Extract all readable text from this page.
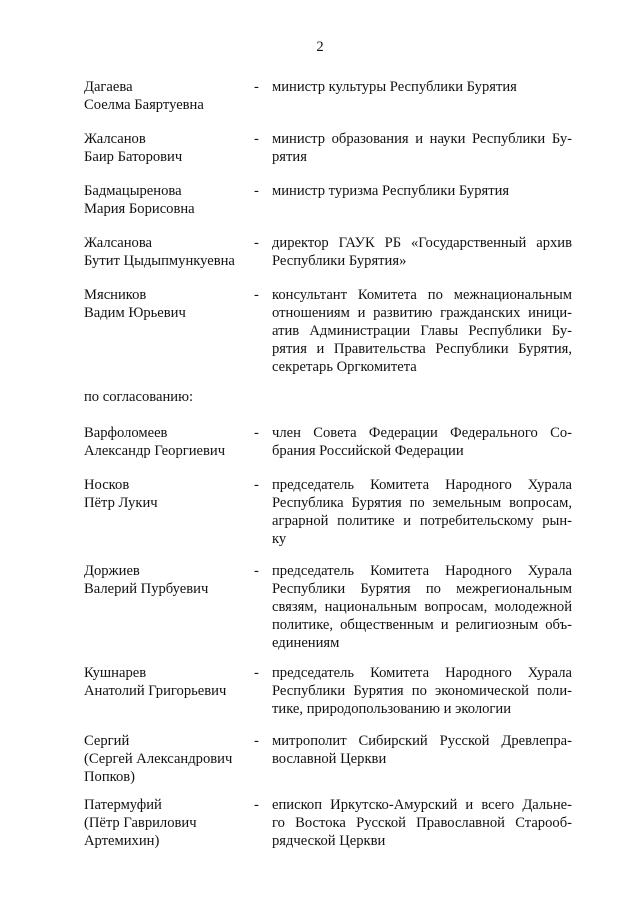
2
Дагаева
Соелма Баяртуевна
- министр культуры Республики Бурятия
Жалсанов
Баир Баторович
- министр образования и науки Республики Бу-
рятия
Бадмацыренова
Мария Борисовна
- министр туризма Республики Бурятия
Жалсанова
Бутит Цыдыпмункуевна
- директор ГАУК РБ «Государственный архив
Республики Бурятия»
Мясников
Вадим Юрьевич
- консультант Комитета по межнациональным
отношениям и развитию гражданских иници-
атив Администрации Главы Республики Бу-
рятия и Правительства Республики Бурятия,
секретарь Оргкомитета
Варфоломеев
Александр Георгиевич
- член Совета Федерации Федерального Со-
брания Российской Федерации
Носков
Пётр Лукич
- председатель Комитета Народного Хурала
Республика Бурятия по земельным вопросам,
аграрной политике и потребительскому рын-
ку
Доржиев
Валерий Пурбуевич
- председатель Комитета Народного Хурала
Республики Бурятия по межрегиональным
связям, национальным вопросам, молодежной
политике, общественным и религиозным объ-
единениям
Кушнарев
Анатолий Григорьевич
- председатель Комитета Народного Хурала
Республики Бурятия по экономической поли-
тике, природопользованию и экологии
Сергий
(Сергей Александрович
Попков)
- митрополит Сибирский Русской Древлепра-
вославной Церкви
Патермуфий
(Пётр Гаврилович
Артемихин)
- епископ Иркутско-Амурский и всего Дальне-
го Востока Русской Православной Старооб-
рядческой Церкви
по согласованию:
